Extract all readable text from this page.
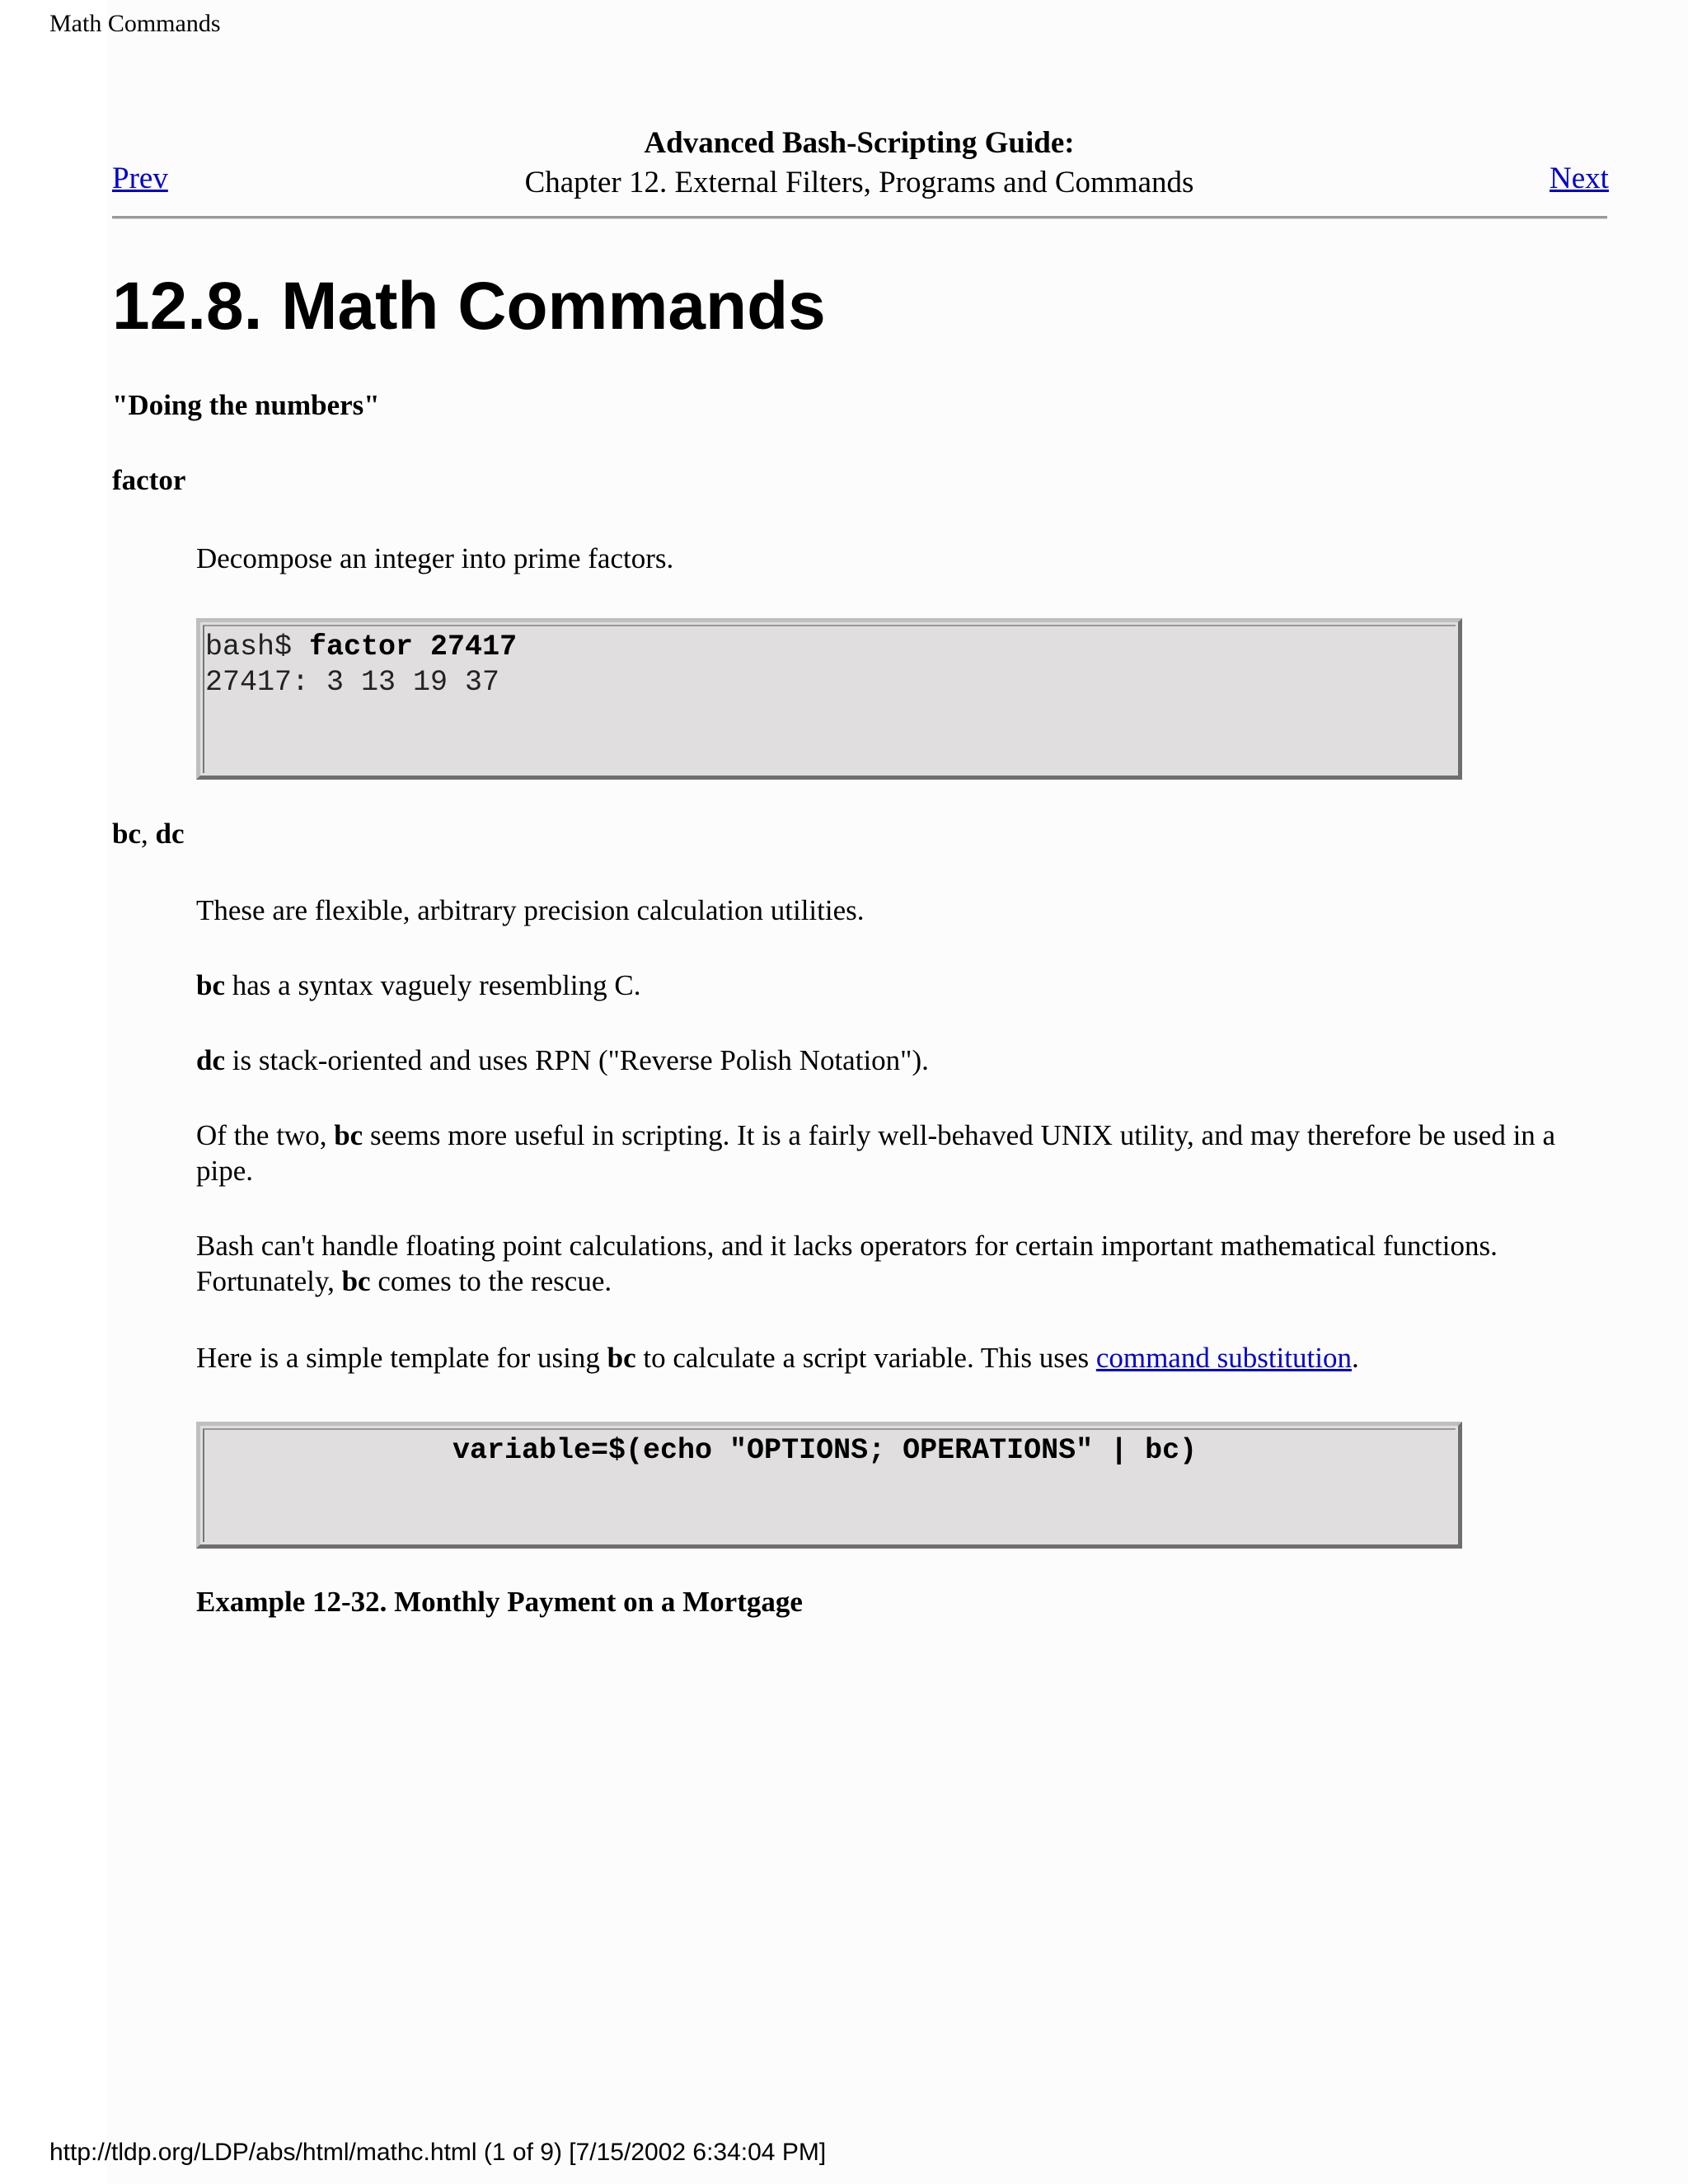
Math Commands
Advanced Bash-Scripting Guide:
Chapter 12. External Filters, Programs and Commands
Prev	Next
12.8. Math Commands
"Doing the numbers"
factor
Decompose an integer into prime factors.
bash$ factor 27417
27417: 3 13 19 37
bc, dc
These are flexible, arbitrary precision calculation utilities.
bc has a syntax vaguely resembling C.
dc is stack-oriented and uses RPN ("Reverse Polish Notation").
Of the two, bc seems more useful in scripting. It is a fairly well-behaved UNIX utility, and may therefore be used in a pipe.
Bash can't handle floating point calculations, and it lacks operators for certain important mathematical functions. Fortunately, bc comes to the rescue.
Here is a simple template for using bc to calculate a script variable. This uses command substitution.
variable=$(echo "OPTIONS; OPERATIONS" | bc)
Example 12-32. Monthly Payment on a Mortgage
http://tldp.org/LDP/abs/html/mathc.html (1 of 9) [7/15/2002 6:34:04 PM]
